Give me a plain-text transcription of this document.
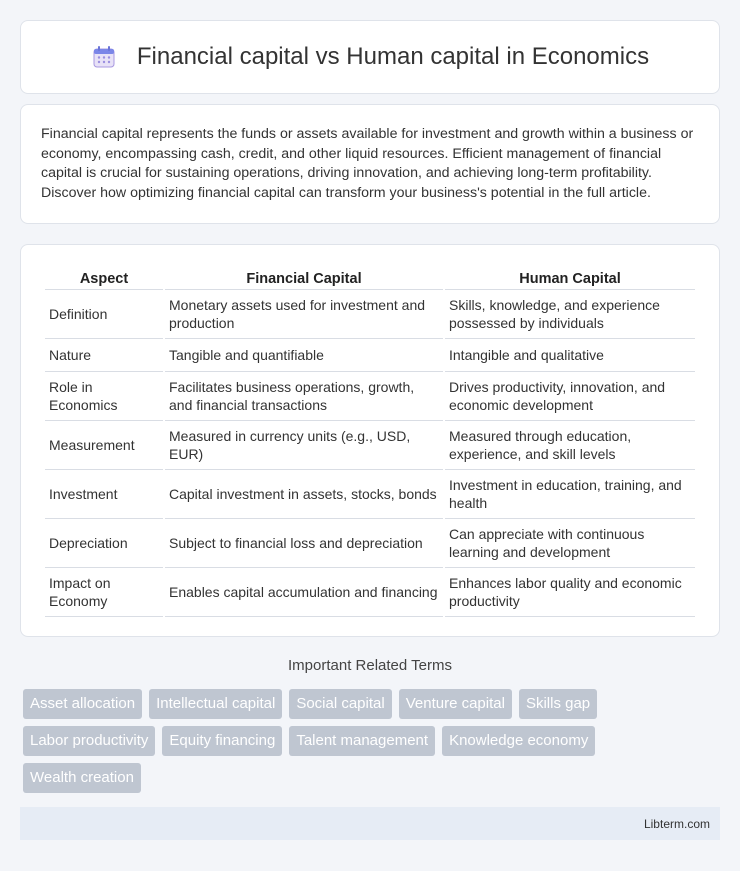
Financial capital vs Human capital in Economics

Financial capital represents the funds or assets available for investment and growth within a business or economy, encompassing cash, credit, and other liquid resources. Efficient management of financial capital is crucial for sustaining operations, driving innovation, and achieving long-term profitability. Discover how optimizing financial capital can transform your business's potential in the full article.

Aspect	Financial Capital	Human Capital
Definition	Monetary assets used for investment and production	Skills, knowledge, and experience possessed by individuals
Nature	Tangible and quantifiable	Intangible and qualitative
Role in Economics	Facilitates business operations, growth, and financial transactions	Drives productivity, innovation, and economic development
Measurement	Measured in currency units (e.g., USD, EUR)	Measured through education, experience, and skill levels
Investment	Capital investment in assets, stocks, bonds	Investment in education, training, and health
Depreciation	Subject to financial loss and depreciation	Can appreciate with continuous learning and development
Impact on Economy	Enables capital accumulation and financing	Enhances labor quality and economic productivity
Important Related Terms
Asset allocation	Intellectual capital	Social capital	Venture capital	Skills gap
Labor productivity	Equity financing	Talent management	Knowledge economy
Wealth creation
Libterm.com
